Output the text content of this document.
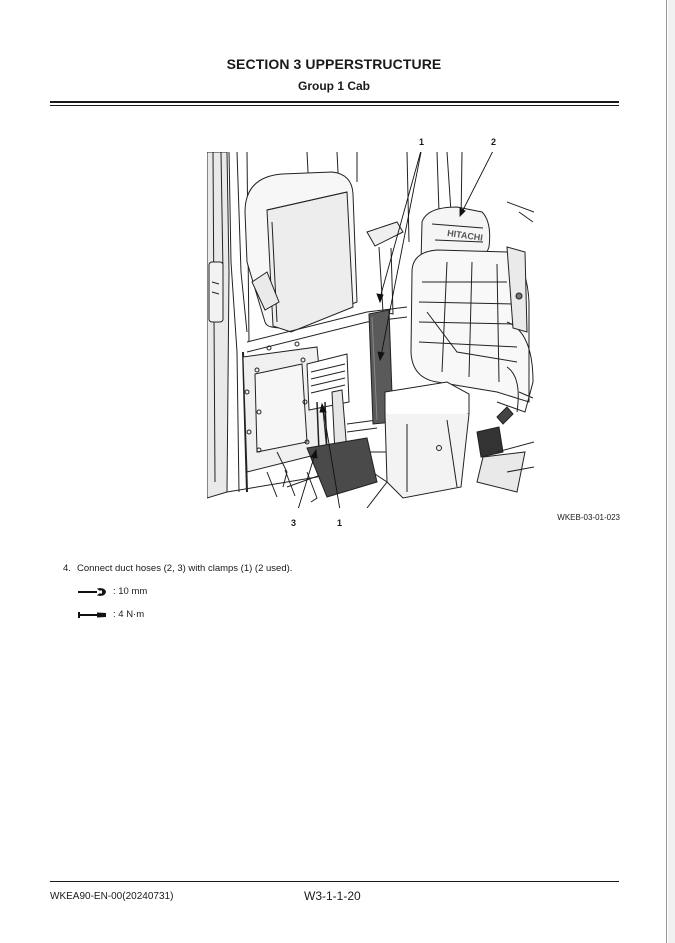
SECTION 3 UPPERSTRUCTURE
Group 1 Cab
1	2
3	1
HITACHI
WKEB-03-01-023
4. Connect duct hoses (2, 3) with clamps (1) (2 used).
: 10 mm
: 4 N·m
WKEA90-EN-00(20240731)	W3-1-1-20
